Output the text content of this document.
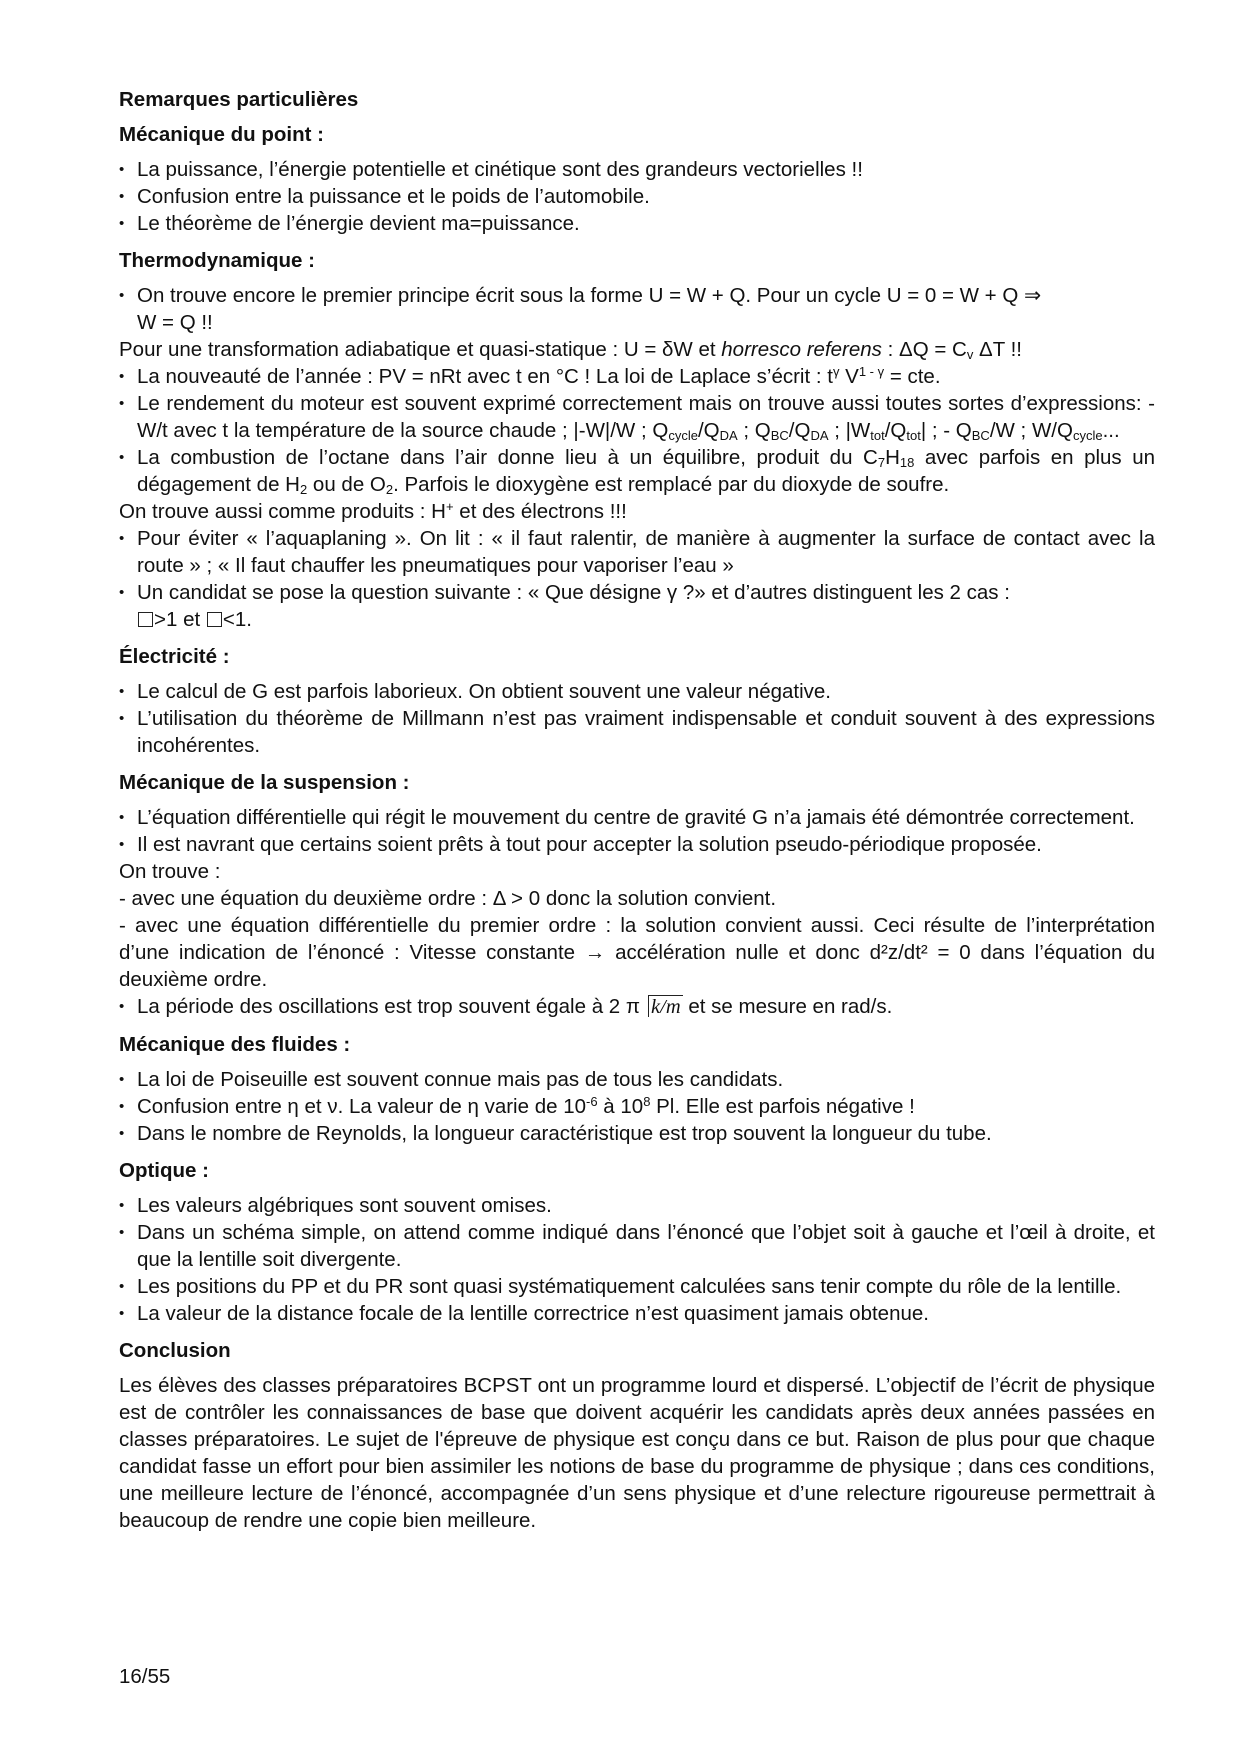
Remarques particulières

Mécanique du point :

• La puissance, l’énergie potentielle et cinétique sont des grandeurs vectorielles !!

• Confusion entre la puissance et le poids de l’automobile.

• Le théorème de l’énergie devient ma=puissance.

Thermodynamique :

• On trouve encore le premier principe écrit sous la forme U = W + Q. Pour un cycle U = 0 = W + Q ⇒
W = Q !!

Pour une transformation adiabatique et quasi-statique : U = δW et horresco referens : $\Delta Q = C_v$ ΔT !!

• La nouveauté de l’année : PV = nRt avec t en °C ! La loi de Laplace s’écrit : $t^\gamma$ $V^{1 - \gamma}$ = cte.

• Le rendement du moteur est souvent exprimé correctement mais on trouve aussi toutes sortes d’expressions: - W/t avec t la température de la source chaude ; |-W|/W ; $Q_{cycle}/Q_{DA}$ ; $Q_{BC}/Q_{DA}$ ; $|W_{tot}/Q_{tot}|$ ; - $Q_{BC}/W$ ; $W/Q_{cycle}$...

• La combustion de l’octane dans l’air donne lieu à un équilibre, produit du $C_7H_{18}$ avec parfois en plus un dégagement de $H_2$ ou de $O_2$. Parfois le dioxygène est remplacé par du dioxyde de soufre.

On trouve aussi comme produits : H+ et des électrons !!!

• Pour éviter « l’aquaplaning ». On lit : « il faut ralentir, de manière à augmenter la surface de contact avec la route » ; « Il faut chauffer les pneumatiques pour vaporiser l’eau »

• Un candidat se pose la question suivante : « Que désigne γ ?» et d’autres distinguent les 2 cas :
>1 et <1.

Électricité :

• Le calcul de G est parfois laborieux. On obtient souvent une valeur négative.

• L’utilisation du théorème de Millmann n’est pas vraiment indispensable et conduit souvent à des expressions incohérentes.

Mécanique de la suspension :

• L’équation différentielle qui régit le mouvement du centre de gravité G n’a jamais été démontrée correctement.

• Il est navrant que certains soient prêts à tout pour accepter la solution pseudo-périodique proposée.

On trouve :

- avec une équation du deuxième ordre : Δ > 0 donc la solution convient.

- avec une équation différentielle du premier ordre : la solution convient aussi. Ceci résulte de l’interprétation d’une indication de l’énoncé : Vitesse constante → accélération nulle et donc d²z/dt² = 0 dans l’équation du deuxième ordre.

• La période des oscillations est trop souvent égale à 2 π k/m et se mesure en rad/s.

Mécanique des fluides :

• La loi de Poiseuille est souvent connue mais pas de tous les candidats.

• Confusion entre η et ν. La valeur de η varie de $10^{-6}$ à $10^8$ Pl. Elle est parfois négative !

• Dans le nombre de Reynolds, la longueur caractéristique est trop souvent la longueur du tube.

Optique :

• Les valeurs algébriques sont souvent omises.

• Dans un schéma simple, on attend comme indiqué dans l’énoncé que l’objet soit à gauche et l’œil à droite, et que la lentille soit divergente.

• Les positions du PP et du PR sont quasi systématiquement calculées sans tenir compte du rôle de la lentille.

• La valeur de la distance focale de la lentille correctrice n’est quasiment jamais obtenue.

Conclusion

Les élèves des classes préparatoires BCPST ont un programme lourd et dispersé. L’objectif de l’écrit de physique est de contrôler les connaissances de base que doivent acquérir les candidats après deux années passées en classes préparatoires. Le sujet de l'épreuve de physique est conçu dans ce but. Raison de plus pour que chaque candidat fasse un effort pour bien assimiler les notions de base du programme de physique ; dans ces conditions, une meilleure lecture de l’énoncé, accompagnée d’un sens physique et d’une relecture rigoureuse permettrait à beaucoup de rendre une copie bien meilleure.

16/55
